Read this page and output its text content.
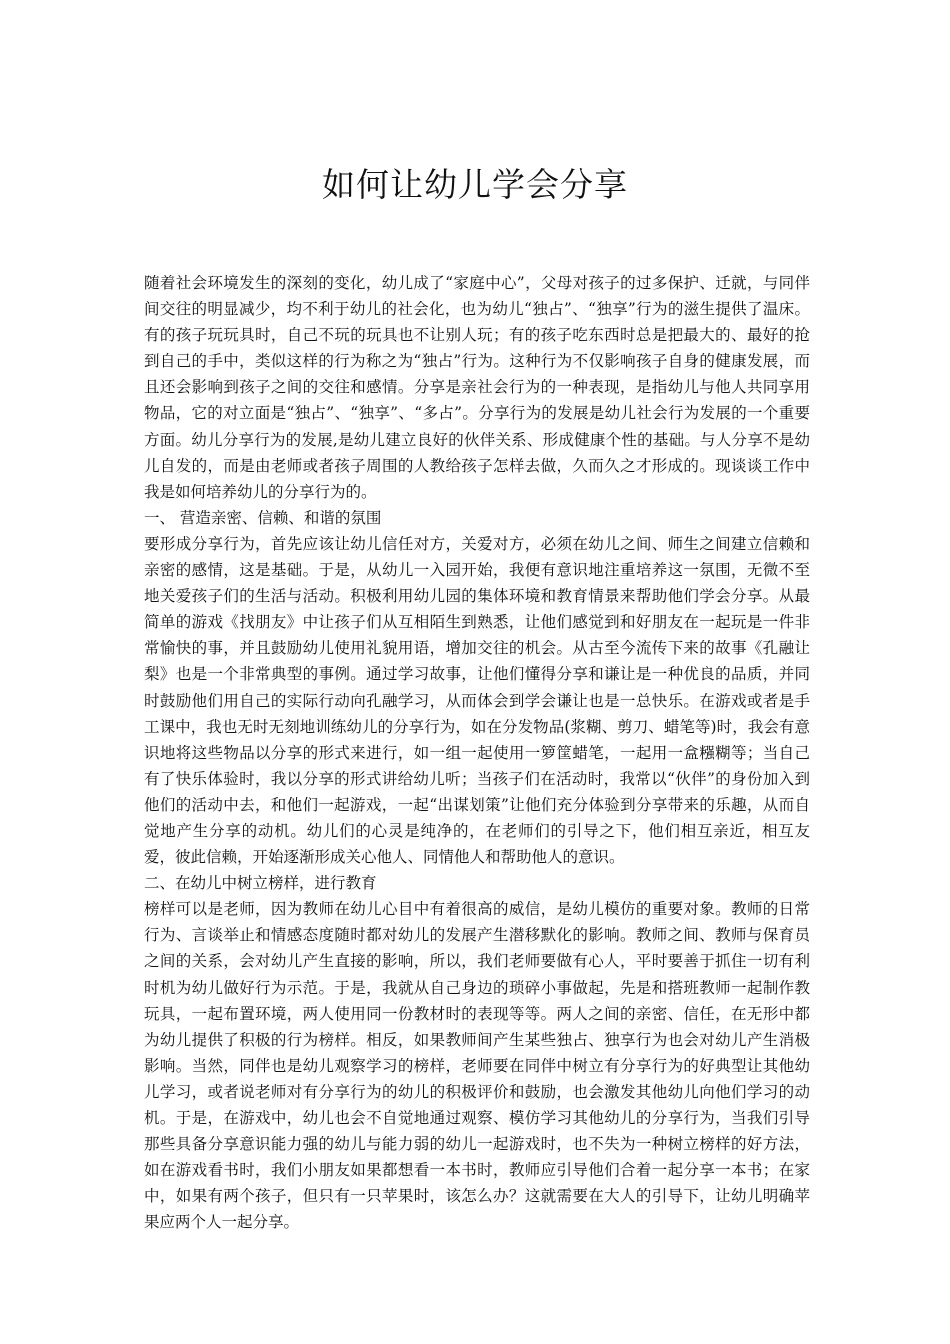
如何让幼儿学会分享

随着社会环境发生的深刻的变化，幼儿成了“家庭中心”，父母对孩子的过多保护、迁就，与同伴间交往的明显减少，均不利于幼儿的社会化，也为幼儿“独占”、“独享”行为的滋生提供了温床。有的孩子玩玩具时，自己不玩的玩具也不让别人玩；有的孩子吃东西时总是把最大的、最好的抢到自己的手中，类似这样的行为称之为“独占”行为。这种行为不仅影响孩子自身的健康发展，而且还会影响到孩子之间的交往和感情。分享是亲社会行为的一种表现，是指幼儿与他人共同享用物品，它的对立面是“独占”、“独享”、“多占”。分享行为的发展是幼儿社会行为发展的一个重要方面。幼儿分享行为的发展,是幼儿建立良好的伙伴关系、形成健康个性的基础。与人分享不是幼儿自发的，而是由老师或者孩子周围的人教给孩子怎样去做，久而久之才形成的。现谈谈工作中我是如何培养幼儿的分享行为的。

一、 营造亲密、信赖、和谐的氛围

要形成分享行为，首先应该让幼儿信任对方，关爱对方，必须在幼儿之间、师生之间建立信赖和亲密的感情，这是基础。于是，从幼儿一入园开始，我便有意识地注重培养这一氛围，无微不至地关爱孩子们的生活与活动。积极利用幼儿园的集体环境和教育情景来帮助他们学会分享。从最简单的游戏《找朋友》中让孩子们从互相陌生到熟悉，让他们感觉到和好朋友在一起玩是一件非常愉快的事，并且鼓励幼儿使用礼貌用语，增加交往的机会。从古至今流传下来的故事《孔融让梨》也是一个非常典型的事例。通过学习故事，让他们懂得分享和谦让是一种优良的品质，并同时鼓励他们用自己的实际行动向孔融学习，从而体会到学会谦让也是一总快乐。在游戏或者是手工课中，我也无时无刻地训练幼儿的分享行为，如在分发物品(浆糊、剪刀、蜡笔等)时，我会有意识地将这些物品以分享的形式来进行，如一组一起使用一箩筐蜡笔，一起用一盒糨糊等；当自己有了快乐体验时，我以分享的形式讲给幼儿听；当孩子们在活动时，我常以“伙伴”的身份加入到他们的活动中去，和他们一起游戏，一起“出谋划策”让他们充分体验到分享带来的乐趣，从而自觉地产生分享的动机。幼儿们的心灵是纯净的，在老师们的引导之下，他们相互亲近，相互友爱，彼此信赖，开始逐渐形成关心他人、同情他人和帮助他人的意识。

二、在幼儿中树立榜样，进行教育

榜样可以是老师，因为教师在幼儿心目中有着很高的威信，是幼儿模仿的重要对象。教师的日常行为、言谈举止和情感态度随时都对幼儿的发展产生潜移默化的影响。教师之间、教师与保育员之间的关系，会对幼儿产生直接的影响，所以，我们老师要做有心人，平时要善于抓住一切有利时机为幼儿做好行为示范。于是，我就从自己身边的琐碎小事做起，先是和搭班教师一起制作教玩具，一起布置环境，两人使用同一份教材时的表现等等。两人之间的亲密、信任，在无形中都为幼儿提供了积极的行为榜样。相反，如果教师间产生某些独占、独享行为也会对幼儿产生消极影响。当然，同伴也是幼儿观察学习的榜样，老师要在同伴中树立有分享行为的好典型让其他幼儿学习，或者说老师对有分享行为的幼儿的积极评价和鼓励，也会激发其他幼儿向他们学习的动机。于是，在游戏中，幼儿也会不自觉地通过观察、模仿学习其他幼儿的分享行为，当我们引导那些具备分享意识能力强的幼儿与能力弱的幼儿一起游戏时，也不失为一种树立榜样的好方法，如在游戏看书时，我们小朋友如果都想看一本书时，教师应引导他们合着一起分享一本书；在家中，如果有两个孩子，但只有一只苹果时，该怎么办？这就需要在大人的引导下，让幼儿明确苹果应两个人一起分享。
